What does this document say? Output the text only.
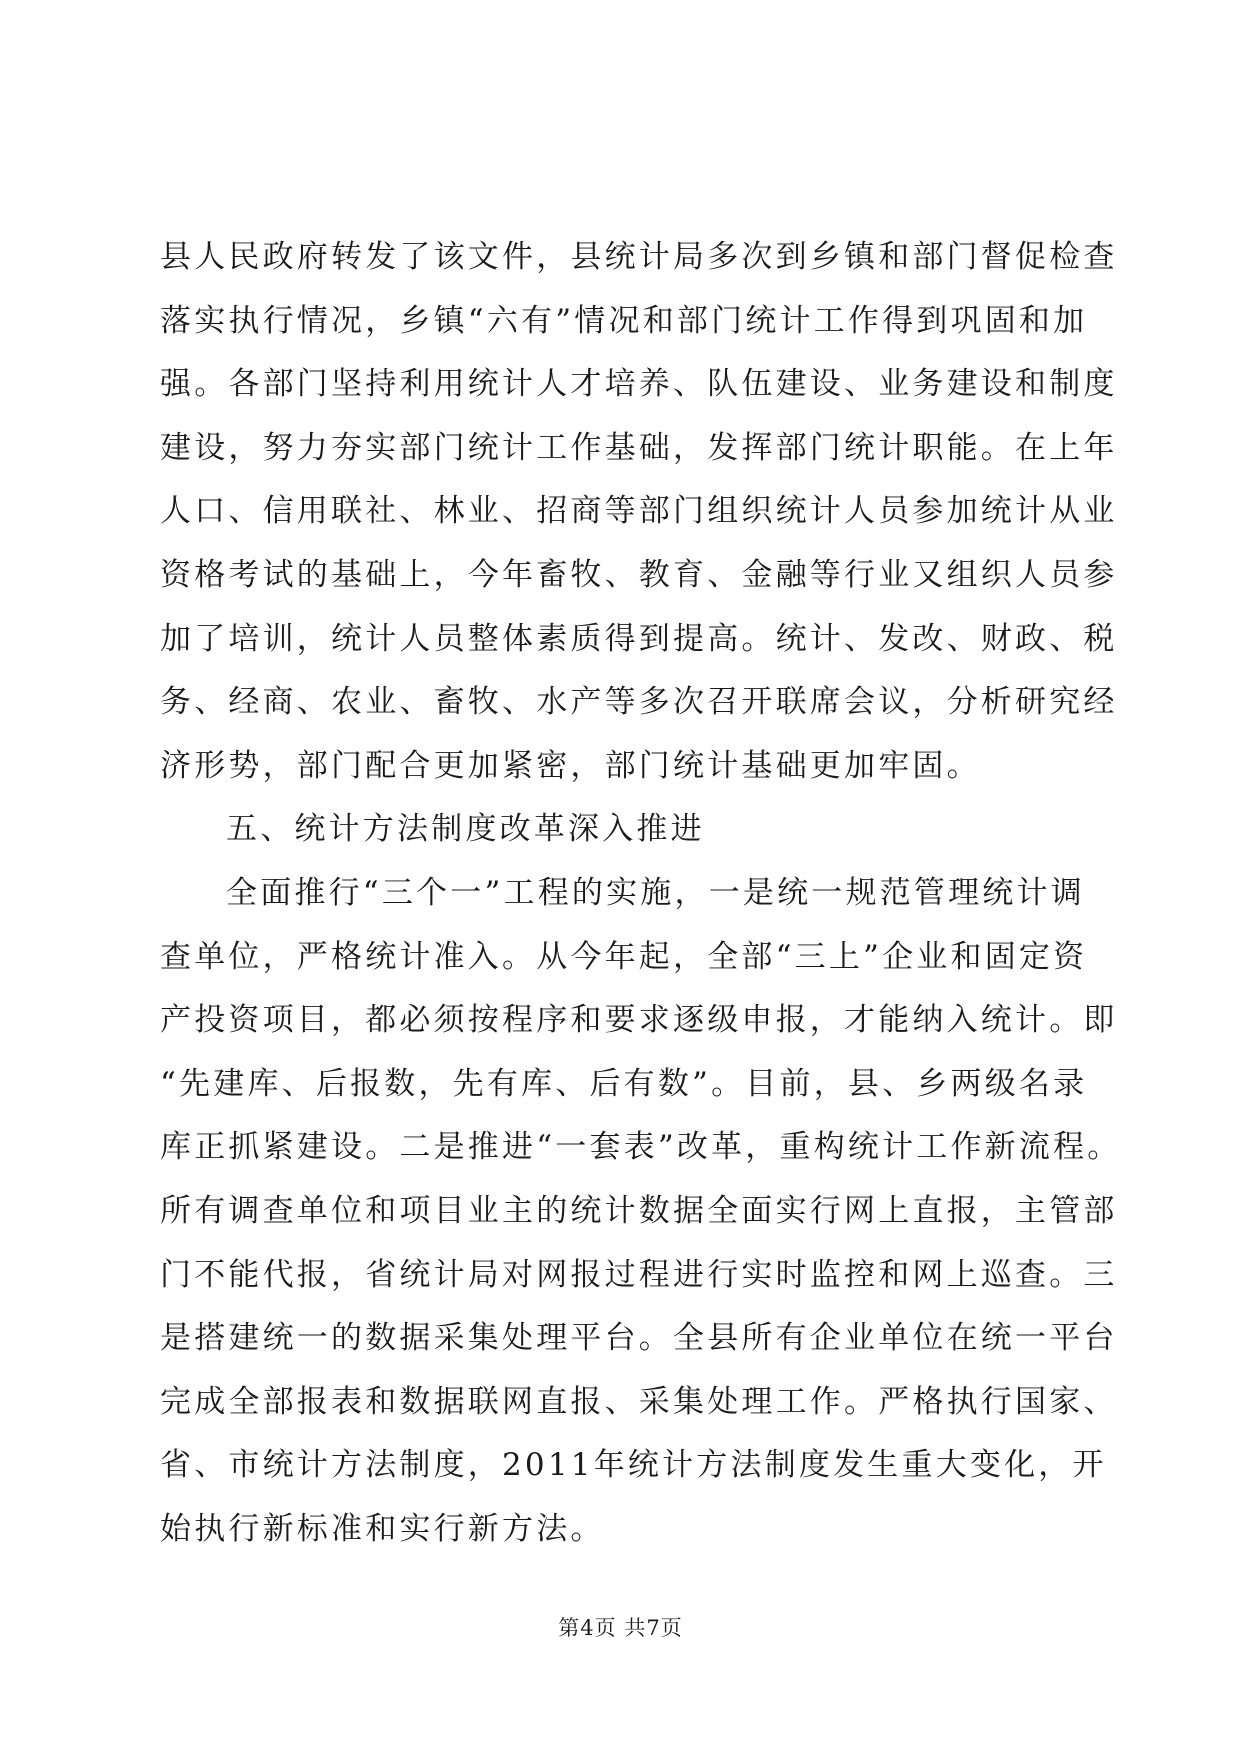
县人民政府转发了该文件，县统计局多次到乡镇和部门督促检查
落实执行情况，乡镇“六有”情况和部门统计工作得到巩固和加
强。各部门坚持利用统计人才培养、队伍建设、业务建设和制度
建设，努力夯实部门统计工作基础，发挥部门统计职能。在上年
人口、信用联社、林业、招商等部门组织统计人员参加统计从业
资格考试的基础上，今年畜牧、教育、金融等行业又组织人员参
加了培训，统计人员整体素质得到提高。统计、发改、财政、税
务、经商、农业、畜牧、水产等多次召开联席会议，分析研究经
济形势，部门配合更加紧密，部门统计基础更加牢固。
五、统计方法制度改革深入推进
全面推行“三个一”工程的实施，一是统一规范管理统计调
查单位，严格统计准入。从今年起，全部“三上”企业和固定资
产投资项目，都必须按程序和要求逐级申报，才能纳入统计。即
“先建库、后报数，先有库、后有数”。目前，县、乡两级名录
库正抓紧建设。二是推进“一套表”改革，重构统计工作新流程。
所有调查单位和项目业主的统计数据全面实行网上直报，主管部
门不能代报，省统计局对网报过程进行实时监控和网上巡查。三
是搭建统一的数据采集处理平台。全县所有企业单位在统一平台
完成全部报表和数据联网直报、采集处理工作。严格执行国家、
省、市统计方法制度，2011年统计方法制度发生重大变化，开
始执行新标准和实行新方法。
第4页 共7页
